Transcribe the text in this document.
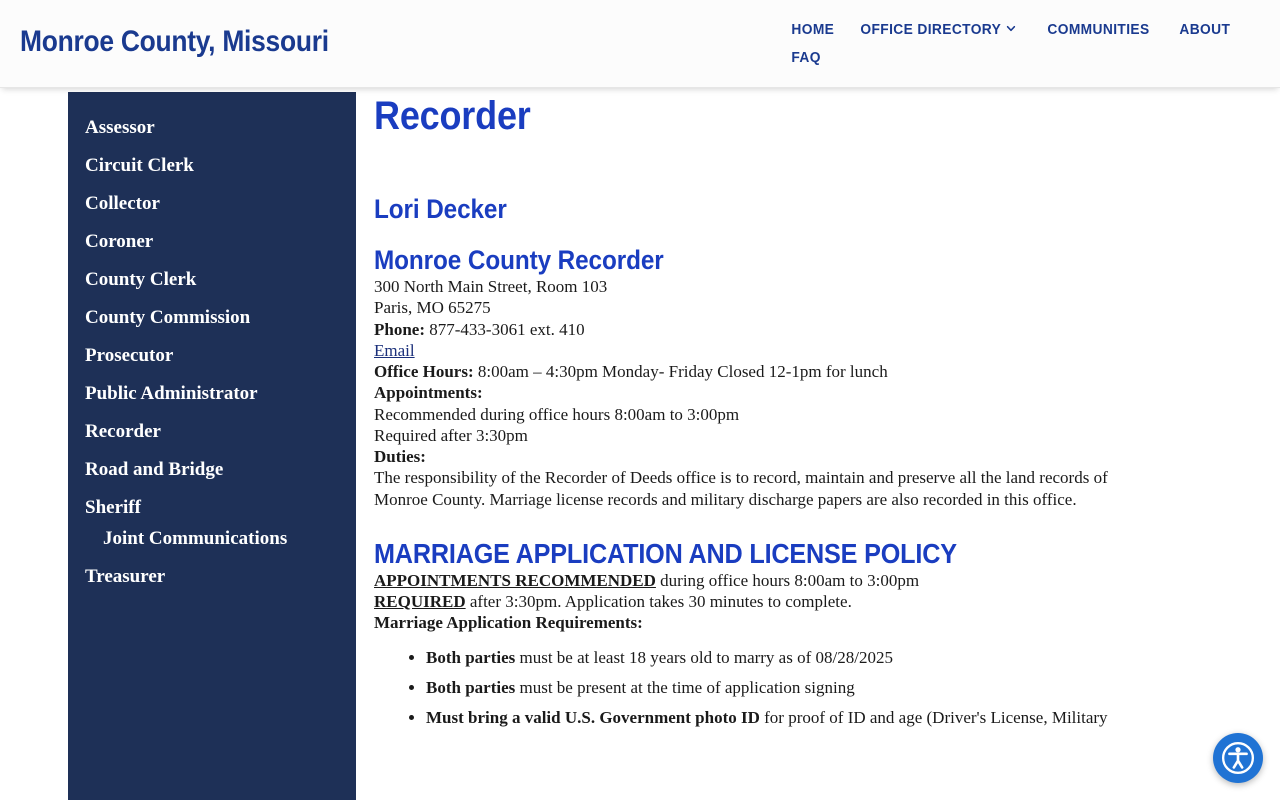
Monroe County, Missouri	HOME OFFICE DIRECTORY	COMMUNITIES ABOUT
FAQ
Assessor
Circuit Clerk
Collector
Coroner
County Clerk
County Commission
Prosecutor
Public Administrator
Recorder
Road and Bridge
Sheriff
Joint Communications
Treasurer
Recorder
Lori Decker
Monroe County Recorder

300 North Main Street, Room 103
Paris, MO 65275

Phone: 877-433-3061 ext. 410

Email

Office Hours: 8:00am – 4:30pm Monday- Friday Closed 12-1pm for lunch

Appointments:
Recommended during office hours 8:00am to 3:00pm
Required after 3:30pm

Duties:
The responsibility of the Recorder of Deeds office is to record, maintain and preserve all the land records of
Monroe County. Marriage license records and military discharge papers are also recorded in this office.

MARRIAGE APPLICATION AND LICENSE POLICY

APPOINTMENTS RECOMMENDED during office hours 8:00am to 3:00pm
REQUIRED after 3:30pm. Application takes 30 minutes to complete.

Marriage Application Requirements:

• Both parties must be at least 18 years old to marry as of 08/28/2025
• Both parties must be present at the time of application signing
• Must bring a valid U.S. Government photo ID for proof of ID and age (Driver's License, Military
